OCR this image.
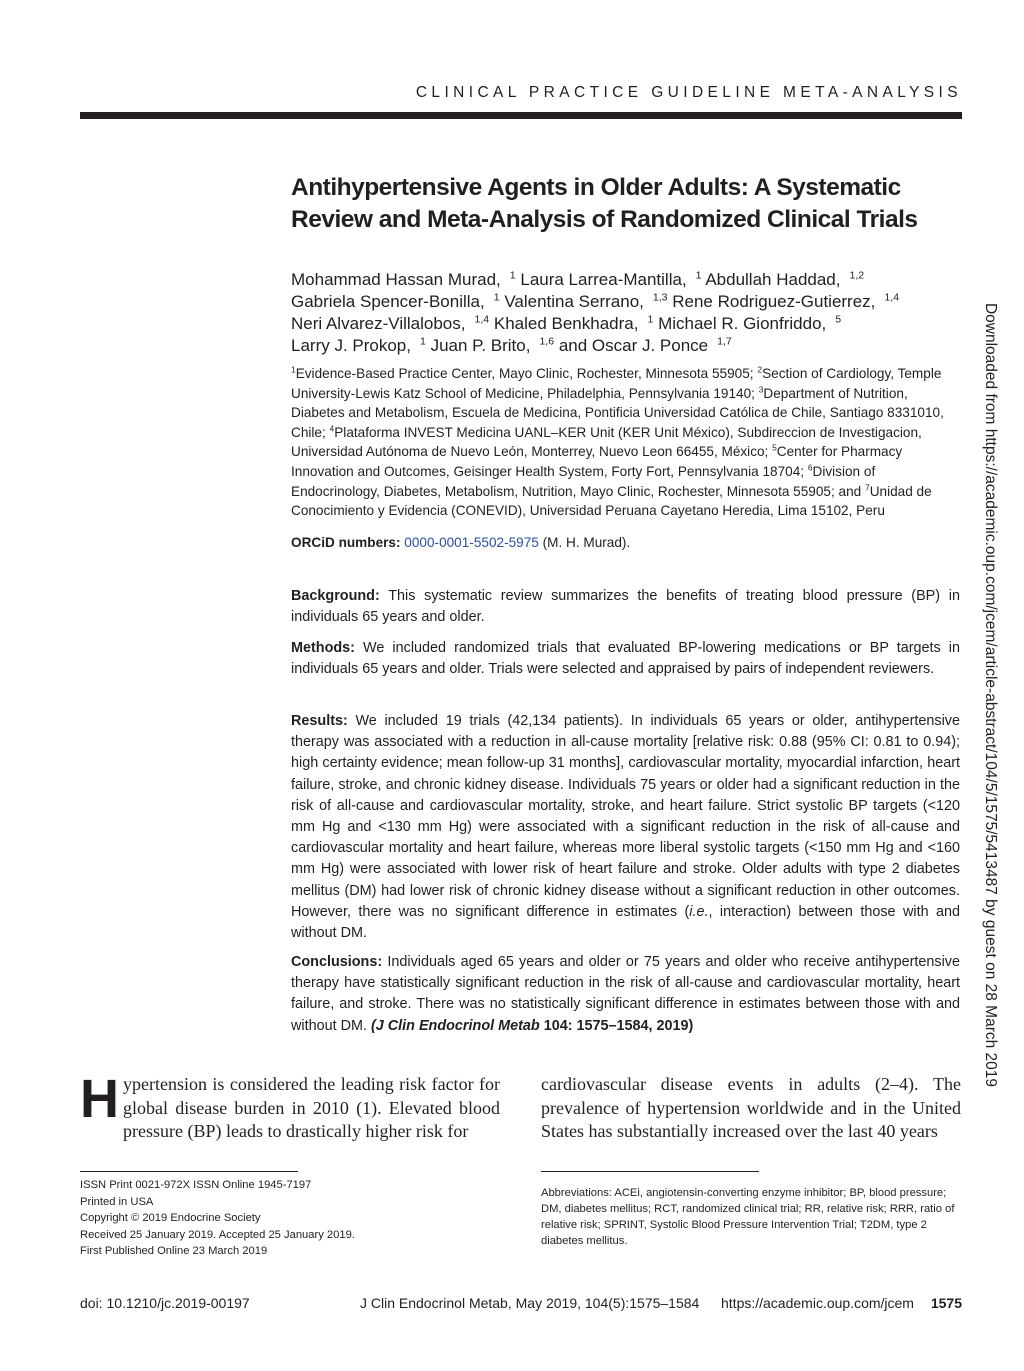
CLINICAL PRACTICE GUIDELINE META-ANALYSIS
Antihypertensive Agents in Older Adults: A Systematic Review and Meta-Analysis of Randomized Clinical Trials
Mohammad Hassan Murad, $^1$ Laura Larrea-Mantilla, $^1$ Abdullah Haddad, $^{1,2}$ Gabriela Spencer-Bonilla, $^1$ Valentina Serrano, $^{1,3}$ Rene Rodriguez-Gutierrez, $^{1,4}$ Neri Alvarez-Villalobos, $^{1,4}$ Khaled Benkhadra, $^1$ Michael R. Gionfriddo, $^5$ Larry J. Prokop, $^1$ Juan P. Brito, $^{1,6}$ and Oscar J. Ponce $^{1,7}$
$^1$Evidence-Based Practice Center, Mayo Clinic, Rochester, Minnesota 55905; $^2$Section of Cardiology, Temple University-Lewis Katz School of Medicine, Philadelphia, Pennsylvania 19140; $^3$Department of Nutrition, Diabetes and Metabolism, Escuela de Medicina, Pontificia Universidad Católica de Chile, Santiago 8331010, Chile; $^4$Plataforma INVEST Medicina UANL–KER Unit (KER Unit México), Subdireccion de Investigacion, Universidad Autónoma de Nuevo León, Monterrey, Nuevo Leon 66455, México; $^5$Center for Pharmacy Innovation and Outcomes, Geisinger Health System, Forty Fort, Pennsylvania 18704; $^6$Division of Endocrinology, Diabetes, Metabolism, Nutrition, Mayo Clinic, Rochester, Minnesota 55905; and $^7$Unidad de Conocimiento y Evidencia (CONEVID), Universidad Peruana Cayetano Heredia, Lima 15102, Peru
ORCiD numbers: 0000-0001-5502-5975 (M. H. Murad).
Background: This systematic review summarizes the benefits of treating blood pressure (BP) in individuals 65 years and older.
Methods: We included randomized trials that evaluated BP-lowering medications or BP targets in individuals 65 years and older. Trials were selected and appraised by pairs of independent reviewers.
Results: We included 19 trials (42,134 patients). In individuals 65 years or older, antihypertensive therapy was associated with a reduction in all-cause mortality [relative risk: 0.88 (95% CI: 0.81 to 0.94); high certainty evidence; mean follow-up 31 months], cardiovascular mortality, myocardial infarction, heart failure, stroke, and chronic kidney disease. Individuals 75 years or older had a significant reduction in the risk of all-cause and cardiovascular mortality, stroke, and heart failure. Strict systolic BP targets (<120 mm Hg and <130 mm Hg) were associated with a significant reduction in the risk of all-cause and cardiovascular mortality and heart failure, whereas more liberal systolic targets (<150 mm Hg and <160 mm Hg) were associated with lower risk of heart failure and stroke. Older adults with type 2 diabetes mellitus (DM) had lower risk of chronic kidney disease without a significant reduction in other outcomes. However, there was no significant difference in estimates (i.e., interaction) between those with and without DM.
Conclusions: Individuals aged 65 years and older or 75 years and older who receive antihypertensive therapy have statistically significant reduction in the risk of all-cause and cardiovascular mortality, heart failure, and stroke. There was no statistically significant difference in estimates between those with and without DM. (J Clin Endocrinol Metab 104: 1575–1584, 2019)	Downloaded from https://academic.oup.com/jcem/article-abstract/104/5/1575/5413487 by guest on 28 March 2019
Hypertension is considered the leading risk factor for global disease burden in 2010 (1). Elevated blood pressure (BP) leads to drastically higher risk for
cardiovascular disease events in adults (2–4). The prevalence of hypertension worldwide and in the United States has substantially increased over the last 40 years
ISSN Print 0021-972X ISSN Online 1945-7197
Printed in USA
Copyright © 2019 Endocrine Society
Received 25 January 2019. Accepted 25 January 2019.
First Published Online 23 March 2019
Abbreviations: ACEi, angiotensin-converting enzyme inhibitor; BP, blood pressure; DM, diabetes mellitus; RCT, randomized clinical trial; RR, relative risk; RRR, ratio of relative risk; SPRINT, Systolic Blood Pressure Intervention Trial; T2DM, type 2 diabetes mellitus.
doi: 10.1210/jc.2019-00197	J Clin Endocrinol Metab, May 2019, 104(5):1575–1584 https://academic.oup.com/jcem 1575
